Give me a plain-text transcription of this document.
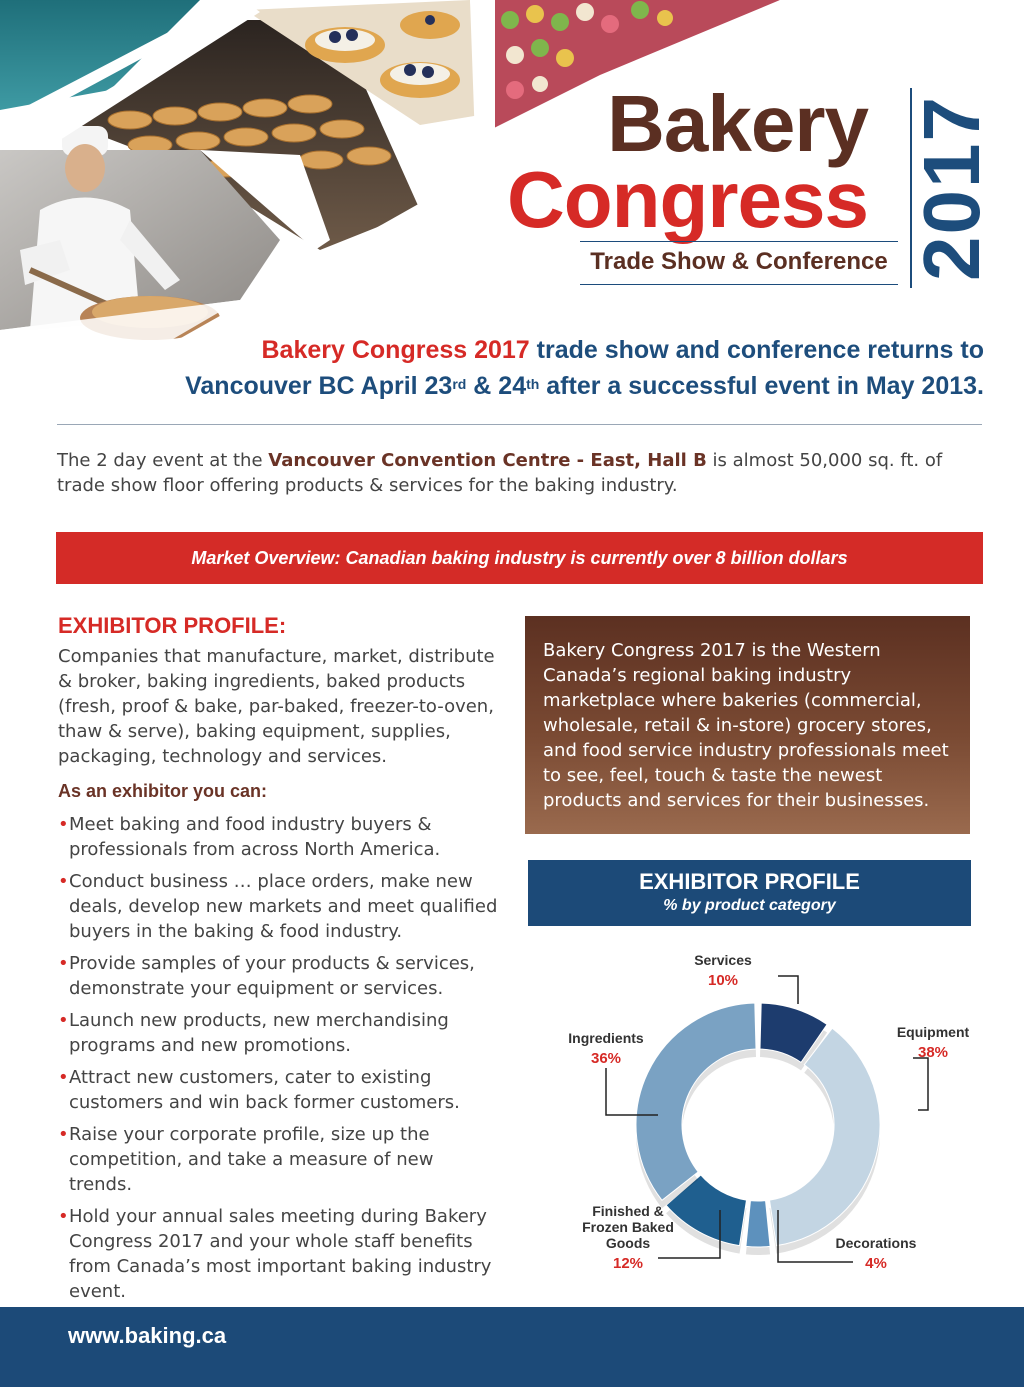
Bakery
Congress
Trade Show & Conference 2017
Bakery Congress 2017 trade show and conference returns to
Vancouver BC April 23rd & 24th after a successful event in May 2013.

The 2 day event at the Vancouver Convention Centre - East, Hall B is almost 50,000 sq. ft. of trade show floor offering products & services for the baking industry.

Market Overview: Canadian baking industry is currently over 8 billion dollars
EXHIBITOR PROFILE:

Companies that manufacture, market, distribute & broker, baking ingredients, baked products (fresh, proof & bake, par-baked, freezer-to-oven, thaw & serve), baking equipment, supplies, packaging, technology and services.

As an exhibitor you can:
• Meet baking and food industry buyers & professionals from across North America.
• Conduct business … place orders, make new deals, develop new markets and meet qualified buyers in the baking & food industry.
• Provide samples of your products & services, demonstrate your equipment or services.
• Launch new products, new merchandising programs and new promotions.
• Attract new customers, cater to existing customers and win back former customers.
• Raise your corporate profile, size up the competition, and take a measure of new trends.
• Hold your annual sales meeting during Bakery Congress 2017 and your whole staff benefits from Canada’s most important baking industry event.
Bakery Congress 2017 is the Western Canada’s regional baking industry marketplace where bakeries (commercial, wholesale, retail & in-store) grocery stores, and food service industry professionals meet to see, feel, touch & taste the newest products and services for their businesses.
EXHIBITOR PROFILE
% by product category
Services
10%
Equipment
38%
Decorations
4%
Finished &
Frozen Baked
Goods
12%
Ingredients
36%
www.baking.ca
